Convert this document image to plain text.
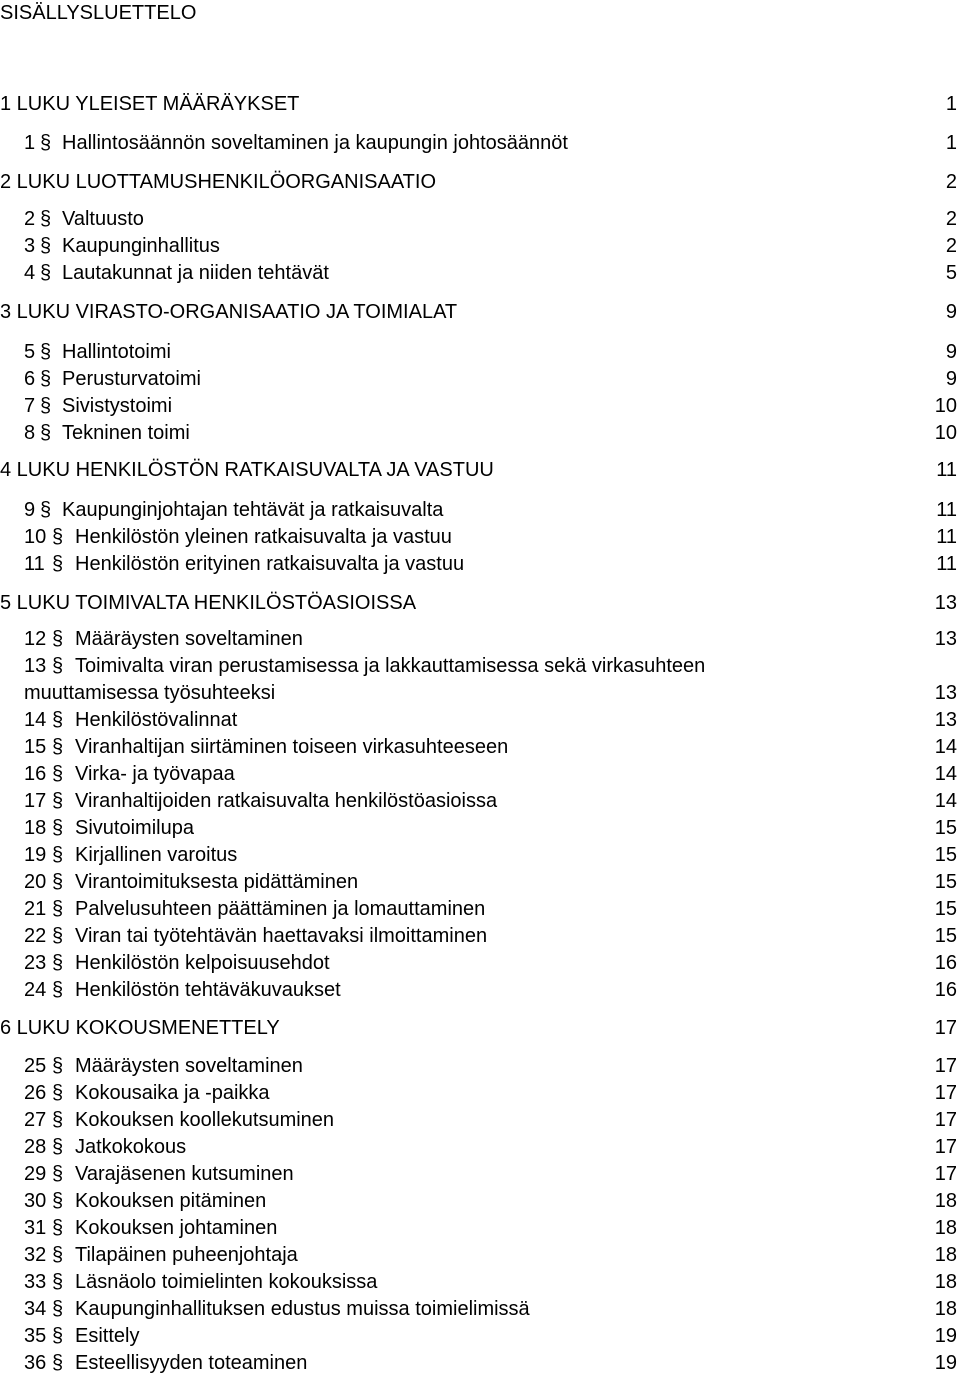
SISÄLLYSLUETTELO
1 LUKU YLEISET MÄÄRÄYKSET	1
1 § Hallintosäännön soveltaminen ja kaupungin johtosäännöt	1
2 LUKU LUOTTAMUSHENKILÖORGANISAATIO	2
2 § Valtuusto	2
3 § Kaupunginhallitus	2
4 § Lautakunnat ja niiden tehtävät	5
3 LUKU VIRASTO-ORGANISAATIO JA TOIMIALAT	9
5 § Hallintotoimi	9
6 § Perusturvatoimi	9
7 § Sivistystoimi	10
8 § Tekninen toimi	10
4 LUKU HENKILÖSTÖN RATKAISUVALTA JA VASTUU	11
9 § Kaupunginjohtajan tehtävät ja ratkaisuvalta	11
10 § Henkilöstön yleinen ratkaisuvalta ja vastuu	11
11 § Henkilöstön erityinen ratkaisuvalta ja vastuu	11
5 LUKU TOIMIVALTA HENKILÖSTÖASIOISSA	13
12 § Määräysten soveltaminen	13
13 § Toimivalta viran perustamisessa ja lakkauttamisessa sekä virkasuhteen
muuttamisessa työsuhteeksi	13
14 § Henkilöstövalinnat	13
15 § Viranhaltijan siirtäminen toiseen virkasuhteeseen	14
16 § Virka- ja työvapaa	14
17 § Viranhaltijoiden ratkaisuvalta henkilöstöasioissa	14
18 § Sivutoimilupa	15
19 § Kirjallinen varoitus	15
20 § Virantoimituksesta pidättäminen	15
21 § Palvelusuhteen päättäminen ja lomauttaminen	15
22 § Viran tai työtehtävän haettavaksi ilmoittaminen	15
23 § Henkilöstön kelpoisuusehdot	16
24 § Henkilöstön tehtäväkuvaukset	16
6 LUKU KOKOUSMENETTELY	17
25 § Määräysten soveltaminen	17
26 § Kokousaika ja -paikka	17
27 § Kokouksen koollekutsuminen	17
28 § Jatkokokous	17
29 § Varajäsenen kutsuminen	17
30 § Kokouksen pitäminen	18
31 § Kokouksen johtaminen	18
32 § Tilapäinen puheenjohtaja	18
33 § Läsnäolo toimielinten kokouksissa	18
34 § Kaupunginhallituksen edustus muissa toimielimissä	18
35 § Esittely	19
36 § Esteellisyyden toteaminen	19
